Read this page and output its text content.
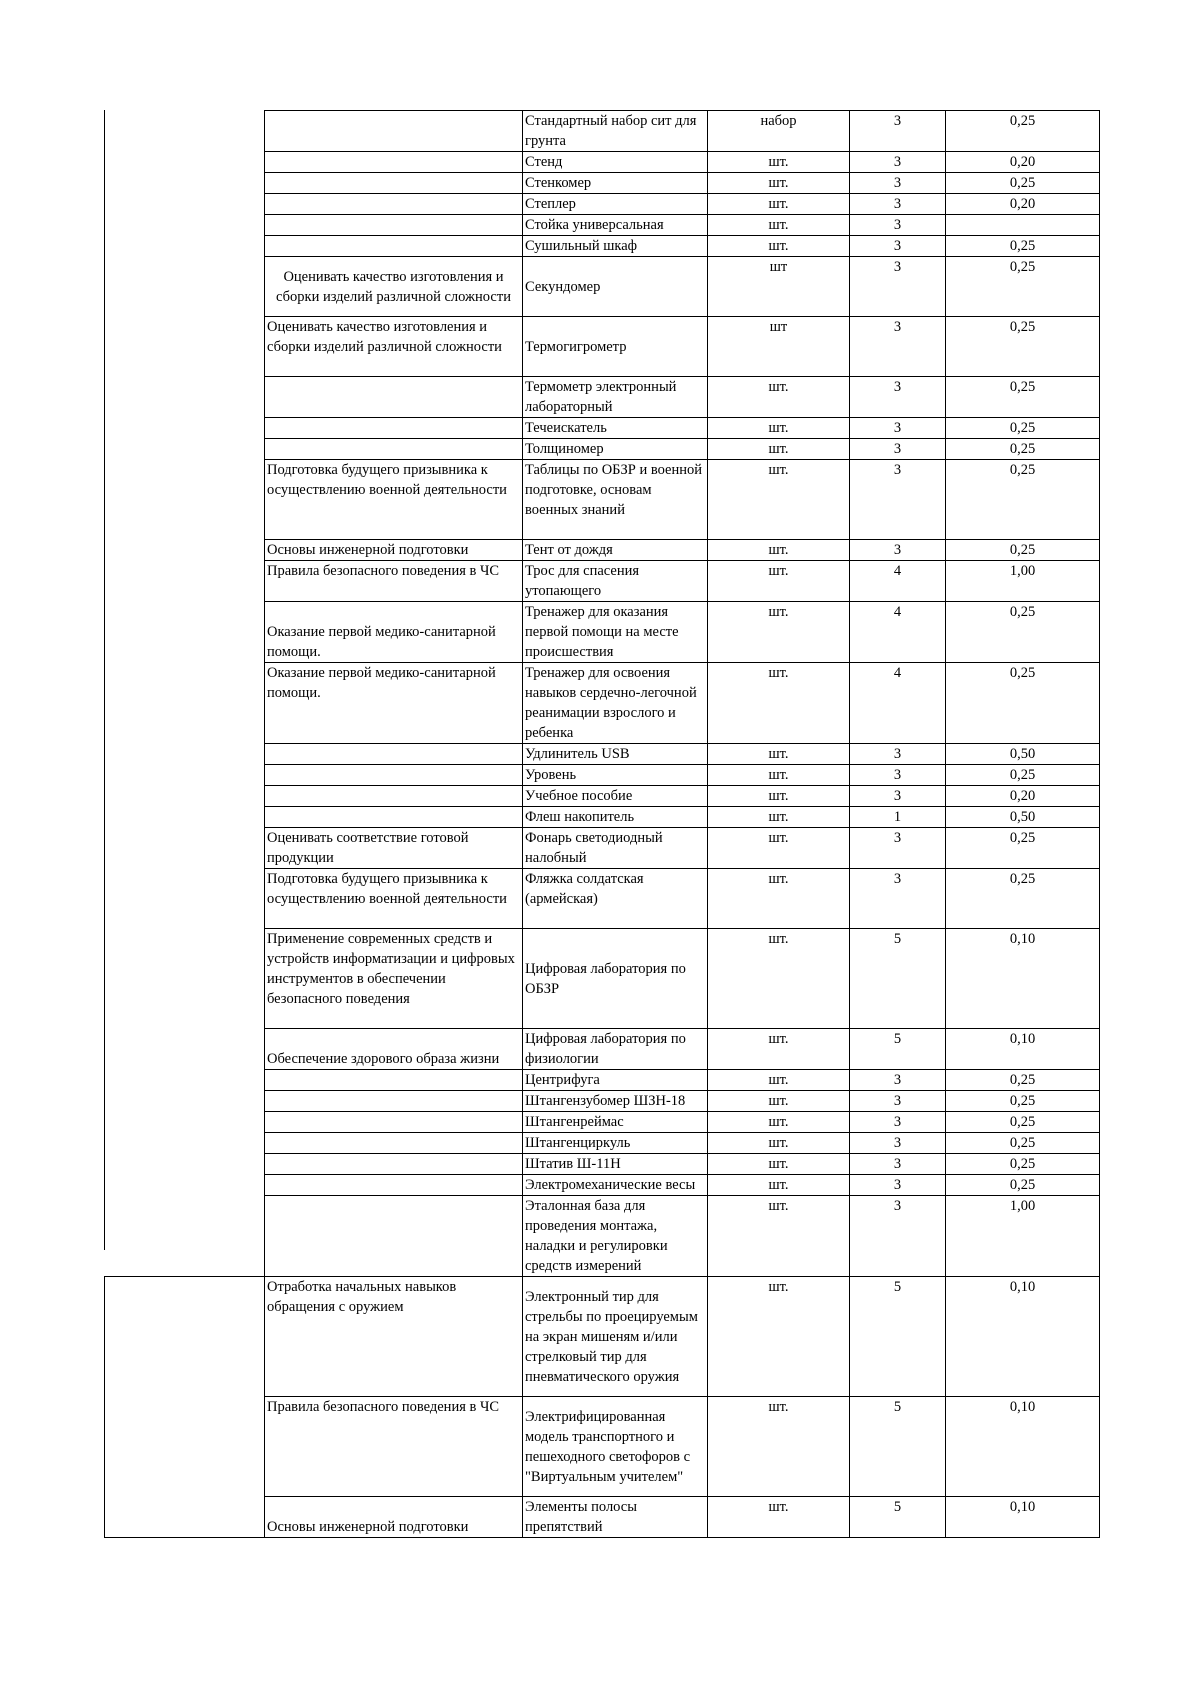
		Стандартный набор сит для грунта	набор	3	0,25
		Стенд	шт.	3	0,20
		Стенкомер	шт.	3	0,25
		Степлер	шт.	3	0,20
		Стойка универсальная	шт.	3	
		Сушильный шкаф	шт.	3	0,25
	Оценивать качество изготовления и сборки изделий различной сложности	Секундомер	шт	3	0,25
	Оценивать качество изготовления и сборки изделий различной сложности	Термогигрометр	шт	3	0,25
		Термометр электронный лабораторный	шт.	3	0,25
		Течеискатель	шт.	3	0,25
		Толщиномер	шт.	3	0,25
	Подготовка будущего призывника к осуществлению военной деятельности	Таблицы по ОБЗР и военной подготовке, основам военных знаний	шт.	3	0,25
	Основы инженерной подготовки	Тент от дождя	шт.	3	0,25
	Правила безопасного поведения в ЧС	Трос для спасения утопающего	шт.	4	1,00
	Оказание первой медико-санитарной помощи.	Тренажер для оказания первой помощи на месте происшествия	шт.	4	0,25
	Оказание первой медико-санитарной помощи.	Тренажер для освоения навыков сердечно-легочной реанимации взрослого и ребенка	шт.	4	0,25
		Удлинитель USB	шт.	3	0,50
		Уровень	шт.	3	0,25
		Учебное пособие	шт.	3	0,20
		Флеш накопитель	шт.	1	0,50
	Оценивать соответствие готовой продукции	Фонарь светодиодный налобный	шт.	3	0,25
	Подготовка будущего призывника к осуществлению военной деятельности	Фляжка солдатская (армейская)	шт.	3	0,25
	Применение современных средств и устройств информатизации и цифровых инструментов в обеспечении безопасного поведения	Цифровая лаборатория по ОБЗР	шт.	5	0,10
	Обеспечение здорового образа жизни	Цифровая лаборатория по физиологии	шт.	5	0,10
		Центрифуга	шт.	3	0,25
		Штангензубомер ШЗН-18	шт.	3	0,25
		Штангенреймас	шт.	3	0,25
		Штангенциркуль	шт.	3	0,25
		Штатив Ш-11Н	шт.	3	0,25
		Электромеханические весы	шт.	3	0,25
		Эталонная база для проведения монтажа, наладки и регулировки средств измерений	шт.	3	1,00
	Отработка начальных навыков обращения с оружием	Электронный тир для стрельбы по проецируемым на экран мишеням и/или стрелковый тир для пневматического оружия	шт.	5	0,10
	Правила безопасного поведения в ЧС	Электрифицированная модель транспортного и пешеходного светофоров с "Виртуальным учителем"	шт.	5	0,10
	Основы инженерной подготовки	Элементы полосы препятствий	шт.	5	0,10
